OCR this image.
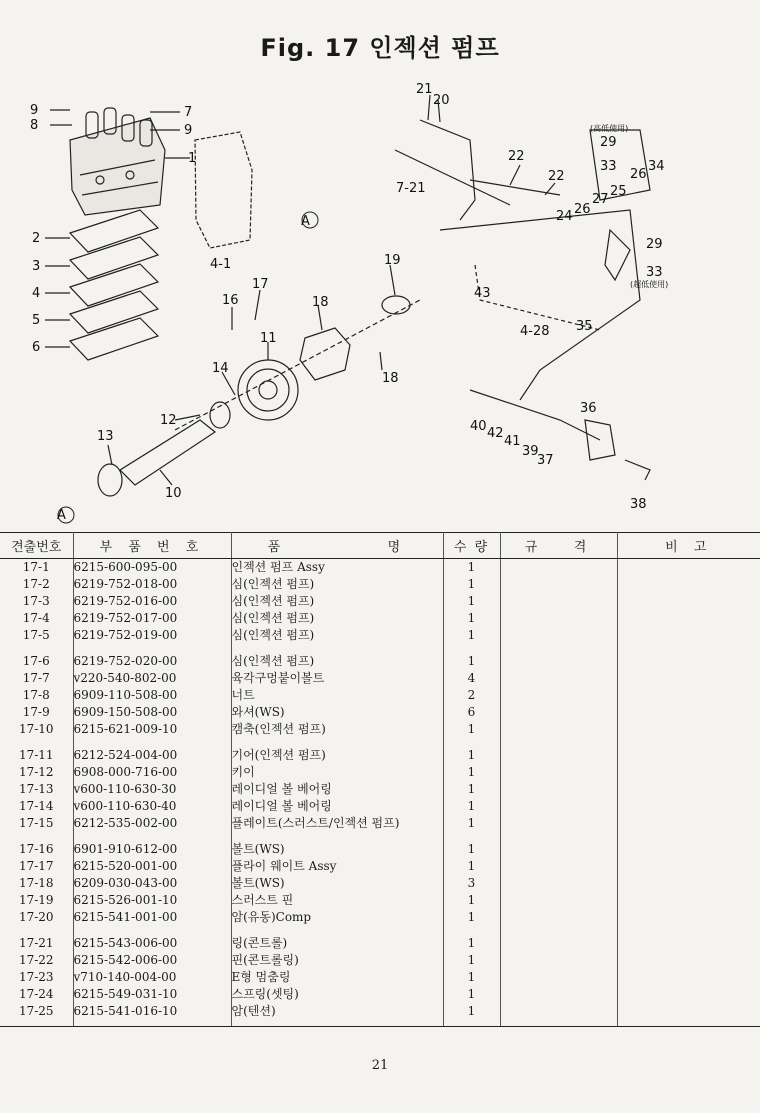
Fig. 17 인젝션 펌프
9
8
7
9
1
2
3
4
5
6
4-1
A
17
16	18
19
11
18
14
12
13
10
A
21
20
22
7-21
22
24
(高低使用)
29
33
26
34
25
27
26
29
33
(超低使用)
43
4-28 35
36
40 42
41
39
37
38
견출번호	부 품 번 호	품          명	수 량	규   격	비 고
17-1	6215-600-095-00	인젝션 펌프 Assy	1		
17-2	6219-752-018-00	심(인젝션 펌프)	1		
17-3	6219-752-016-00	심(인젝션 펌프)	1		
17-4	6219-752-017-00	심(인젝션 펌프)	1		
17-5	6219-752-019-00	심(인젝션 펌프)	1		
17-6	6219-752-020-00	심(인젝션 펌프)	1		
17-7	v220-540-802-00	육각구멍붙이볼트	4		
17-8	6909-110-508-00	너트	2		
17-9	6909-150-508-00	와셔(WS)	6		
17-10	6215-621-009-10	캠축(인젝션 펌프)	1		
17-11	6212-524-004-00	기어(인젝션 펌프)	1		
17-12	6908-000-716-00	키이	1		
17-13	v600-110-630-30	레이디얼 볼 베어링	1		
17-14	v600-110-630-40	레이디얼 볼 베어링	1		
17-15	6212-535-002-00	플레이트(스러스트/인젝션 펌프)	1		
17-16	6901-910-612-00	볼트(WS)	1		
17-17	6215-520-001-00	플라이 웨이트 Assy	1		
17-18	6209-030-043-00	볼트(WS)	3		
17-19	6215-526-001-10	스러스트 핀	1		
17-20	6215-541-001-00	암(유동)Comp	1		
17-21	6215-543-006-00	링(콘트롤)	1		
17-22	6215-542-006-00	핀(콘트롤링)	1		
17-23	v710-140-004-00	E형 멈춤링	1		
17-24	6215-549-031-10	스프링(셋팅)	1		
17-25	6215-541-016-10	암(텐션)	1		
21
